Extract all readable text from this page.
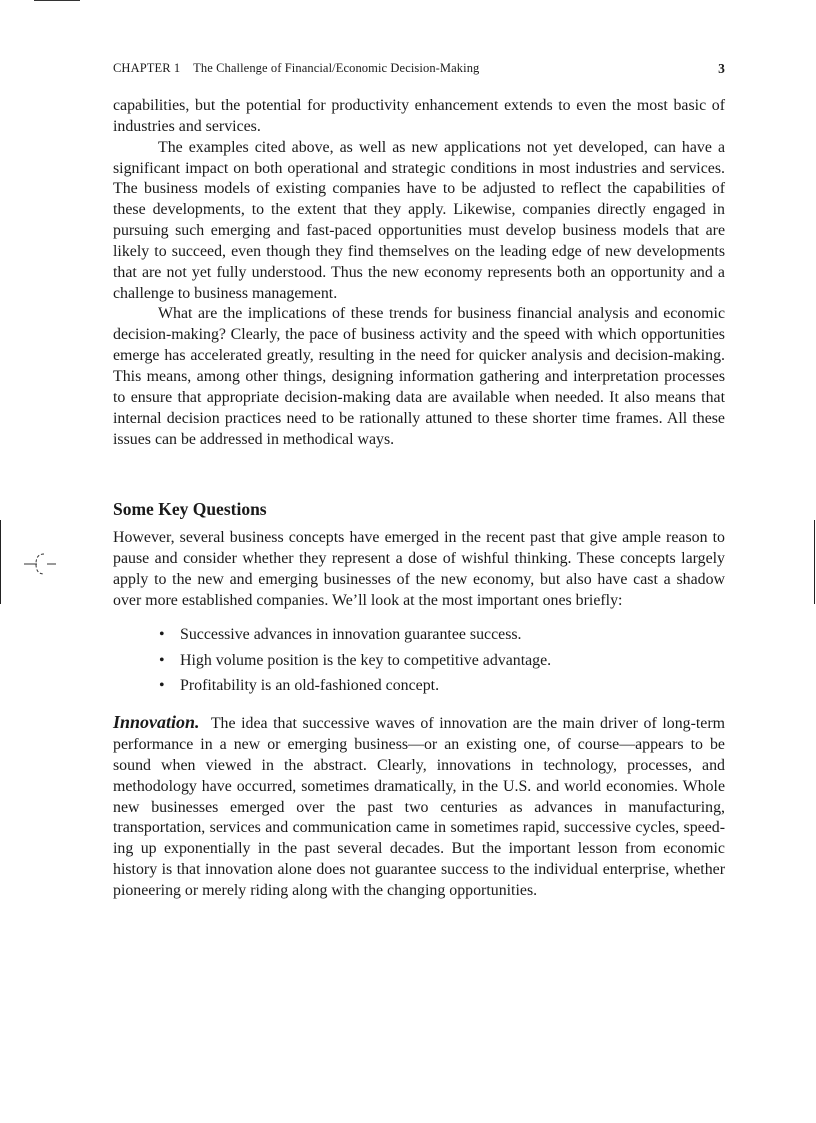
CHAPTER 1 The Challenge of Financial/Economic Decision-Making	3

capabilities, but the potential for productivity enhancement extends to even the most basic of industries and services.

The examples cited above, as well as new applications not yet developed, can have a significant impact on both operational and strategic conditions in most industries and services. The business models of existing companies have to be adjusted to reflect the capabilities of these developments, to the extent that they apply. Likewise, companies directly engaged in pursuing such emerging and fast-paced opportunities must develop business models that are likely to succeed, even though they find themselves on the leading edge of new developments that are not yet fully understood. Thus the new economy represents both an opportunity and a challenge to business management.

What are the implications of these trends for business financial analysis and economic decision-making? Clearly, the pace of business activity and the speed with which opportunities emerge has accelerated greatly, resulting in the need for quicker analysis and decision-making. This means, among other things, designing information gathering and interpretation processes to ensure that appropriate decision-making data are available when needed. It also means that internal decision practices need to be rationally attuned to these shorter time frames. All these issues can be addressed in methodical ways.

Some Key Questions

However, several business concepts have emerged in the recent past that give ample reason to pause and consider whether they represent a dose of wishful thinking. These concepts largely apply to the new and emerging businesses of the new economy, but also have cast a shadow over more established companies. We’ll look at the most important ones briefly:

• Successive advances in innovation guarantee success.
• High volume position is the key to competitive advantage.
• Profitability is an old-fashioned concept.

Innovation. The idea that successive waves of innovation are the main driver of long-term performance in a new or emerging business—or an existing one, of course—appears to be sound when viewed in the abstract. Clearly, innovations in technology, processes, and methodology have occurred, sometimes dramatically, in the U.S. and world economies. Whole new businesses emerged over the past two centuries as advances in manufacturing, transportation, services and communication came in sometimes rapid, successive cycles, speeding up exponentially in the past several decades. But the important lesson from economic history is that innovation alone does not guarantee success to the individual enterprise, whether pioneering or merely riding along with the changing opportunities.
